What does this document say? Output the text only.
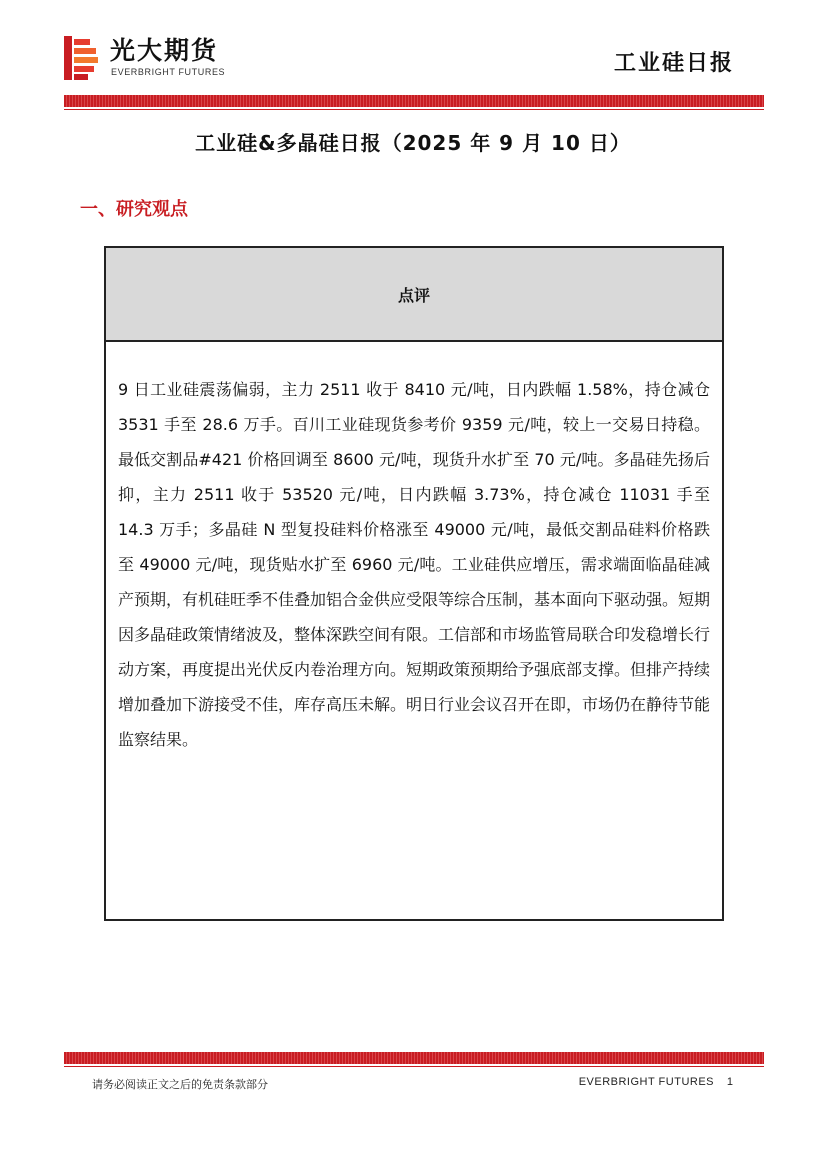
光大期货
EVERBRIGHT FUTURES	工业硅日报
工业硅&多晶硅日报（2025 年 9 月 10 日）
一、研究观点
点评
9 日工业硅震荡偏弱，主力 2511 收于 8410 元/吨，日内跌幅 1.58%，持仓减仓 3531 手至 28.6 万手。百川工业硅现货参考价 9359 元/吨，较上一交易日持稳。最低交割品#421 价格回调至 8600 元/吨，现货升水扩至 70 元/吨。多晶硅先扬后抑，主力 2511 收于 53520 元/吨，日内跌幅 3.73%，持仓减仓 11031 手至 14.3 万手；多晶硅 N 型复投硅料价格涨至 49000 元/吨，最低交割品硅料价格跌至 49000 元/吨，现货贴水扩至 6960 元/吨。工业硅供应增压，需求端面临晶硅减产预期，有机硅旺季不佳叠加铝合金供应受限等综合压制，基本面向下驱动强。短期因多晶硅政策情绪波及，整体深跌空间有限。工信部和市场监管局联合印发稳增长行动方案，再度提出光伏反内卷治理方向。短期政策预期给予强底部支撑。但排产持续增加叠加下游接受不佳，库存高压未解。明日行业会议召开在即，市场仍在静待节能监察结果。
请务必阅读正文之后的免责条款部分	EVERBRIGHT FUTURES 1
